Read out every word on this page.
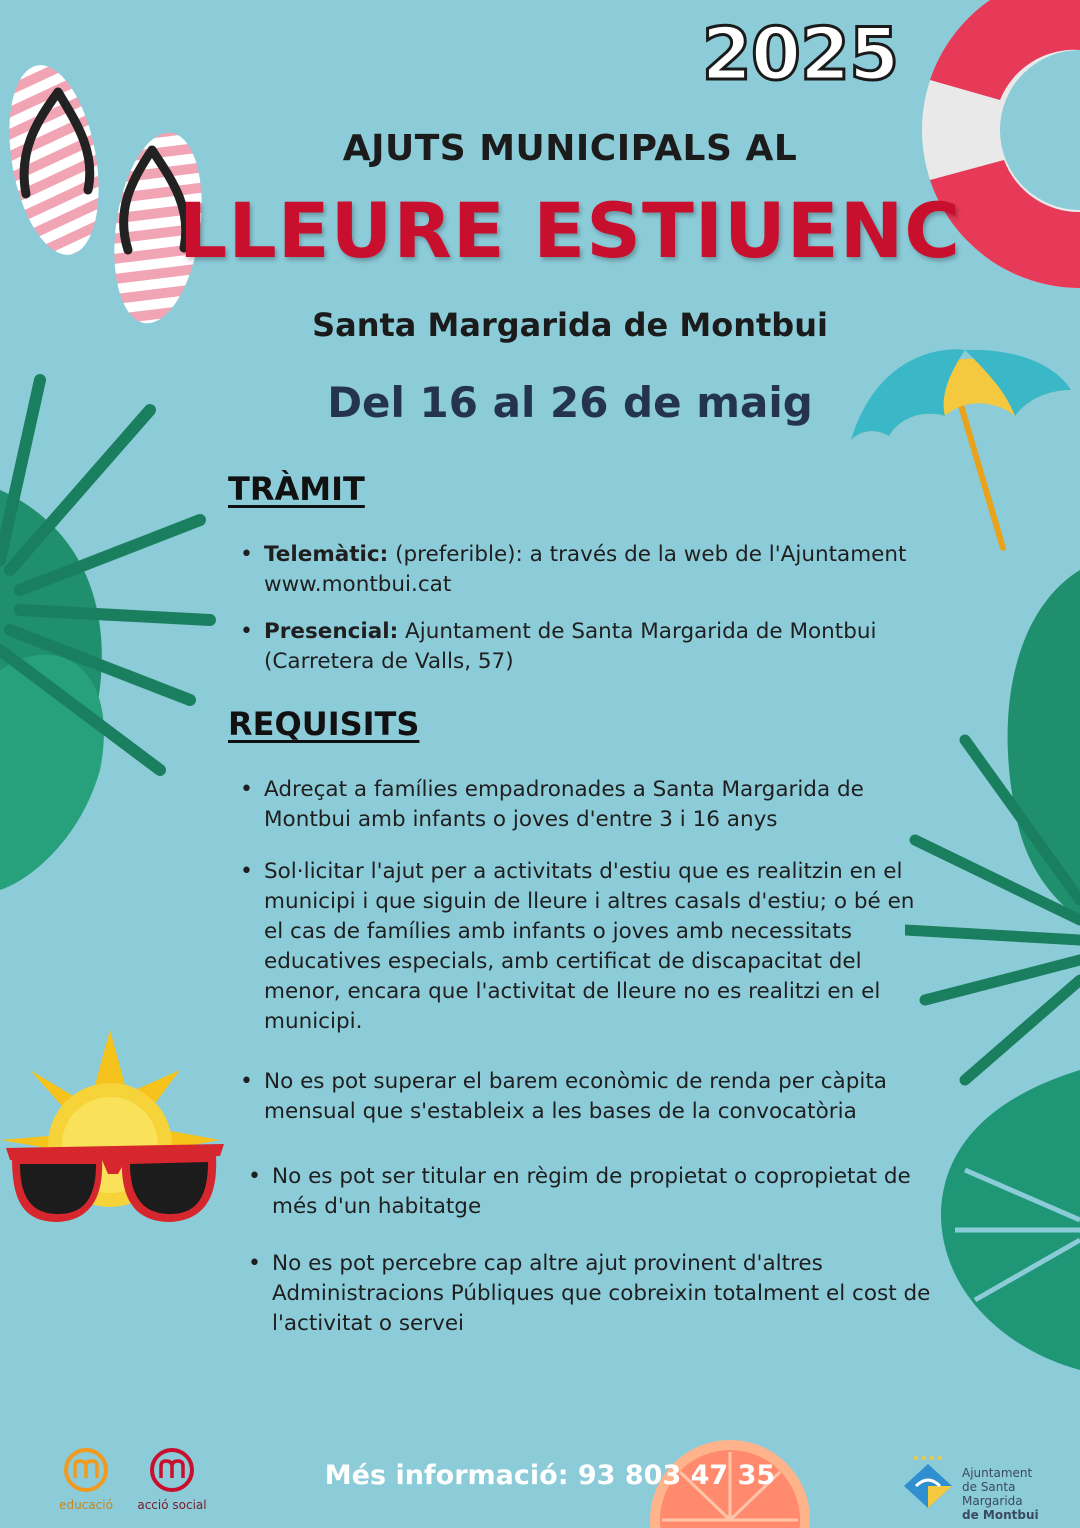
2025
AJUTS MUNICIPALS AL
LLEURE ESTIUENC
Santa Margarida de Montbui
Del 16 al 26 de maig
TRÀMIT
• Telemàtic: (preferible): a través de la web de l'Ajuntament www.montbui.cat
• Presencial: Ajuntament de Santa Margarida de Montbui (Carretera de Valls, 57)
REQUISITS
• Adreçat a famílies empadronades a Santa Margarida de Montbui amb infants o joves d'entre 3 i 16 anys
• Sol·licitar l'ajut per a activitats d'estiu que es realitzin en el municipi i que siguin de lleure i altres casals d'estiu; o bé en el cas de famílies amb infants o joves amb necessitats educatives especials, amb certificat de discapacitat del menor, encara que l'activitat de lleure no es realitzi en el municipi.
• No es pot superar el barem econòmic de renda per càpita mensual que s'estableix a les bases de la convocatòria
• No es pot ser titular en règim de propietat o copropietat de més d'un habitatge
• No es pot percebre cap altre ajut provinent d'altres Administracions Públiques que cobreixin totalment el cost de l'activitat o servei
Més informació: 93 803 47 35
educació	acció social
Ajuntament
de Santa Margarida
de Montbui
